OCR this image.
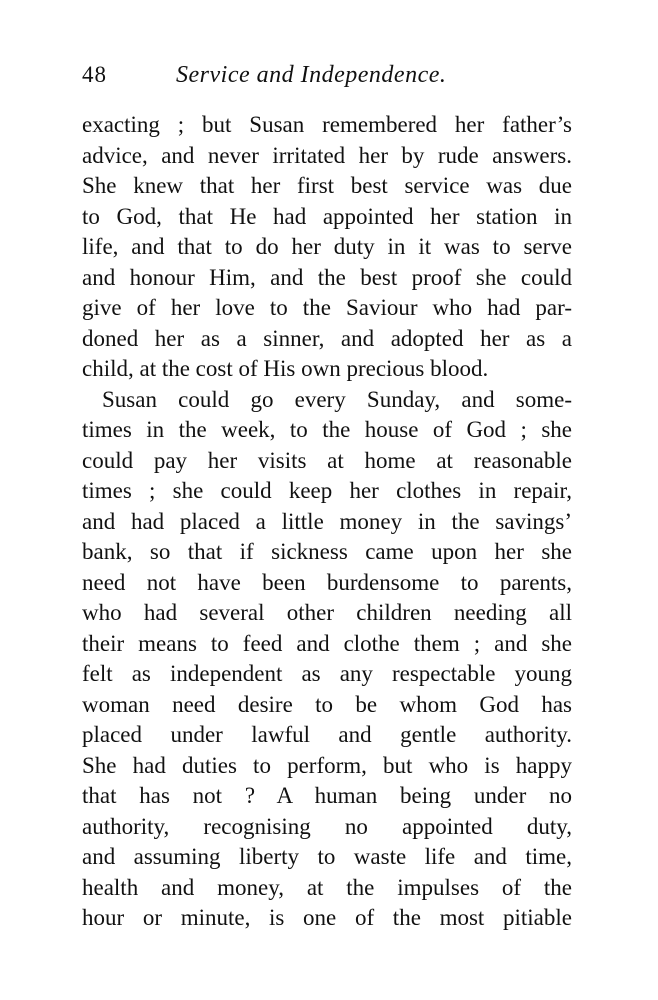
48	Service and Independence.
exacting ; but Susan remembered her father’s
advice, and never irritated her by rude answers.
She knew that her first best service was due
to God, that He had appointed her station in
life, and that to do her duty in it was to serve
and honour Him, and the best proof she could
give of her love to the Saviour who had par-
doned her as a sinner, and adopted her as a
child, at the cost of His own precious blood.
Susan could go every Sunday, and some-
times in the week, to the house of God ; she
could pay her visits at home at reasonable
times ; she could keep her clothes in repair,
and had placed a little money in the savings’
bank, so that if sickness came upon her she
need not have been burdensome to parents,
who had several other children needing all
their means to feed and clothe them ; and she
felt as independent as any respectable young
woman need desire to be whom God has
placed under lawful and gentle authority.
She had duties to perform, but who is happy
that has not ? A human being under no
authority, recognising no appointed duty,
and assuming liberty to waste life and time,
health and money, at the impulses of the
hour or minute, is one of the most pitiable
